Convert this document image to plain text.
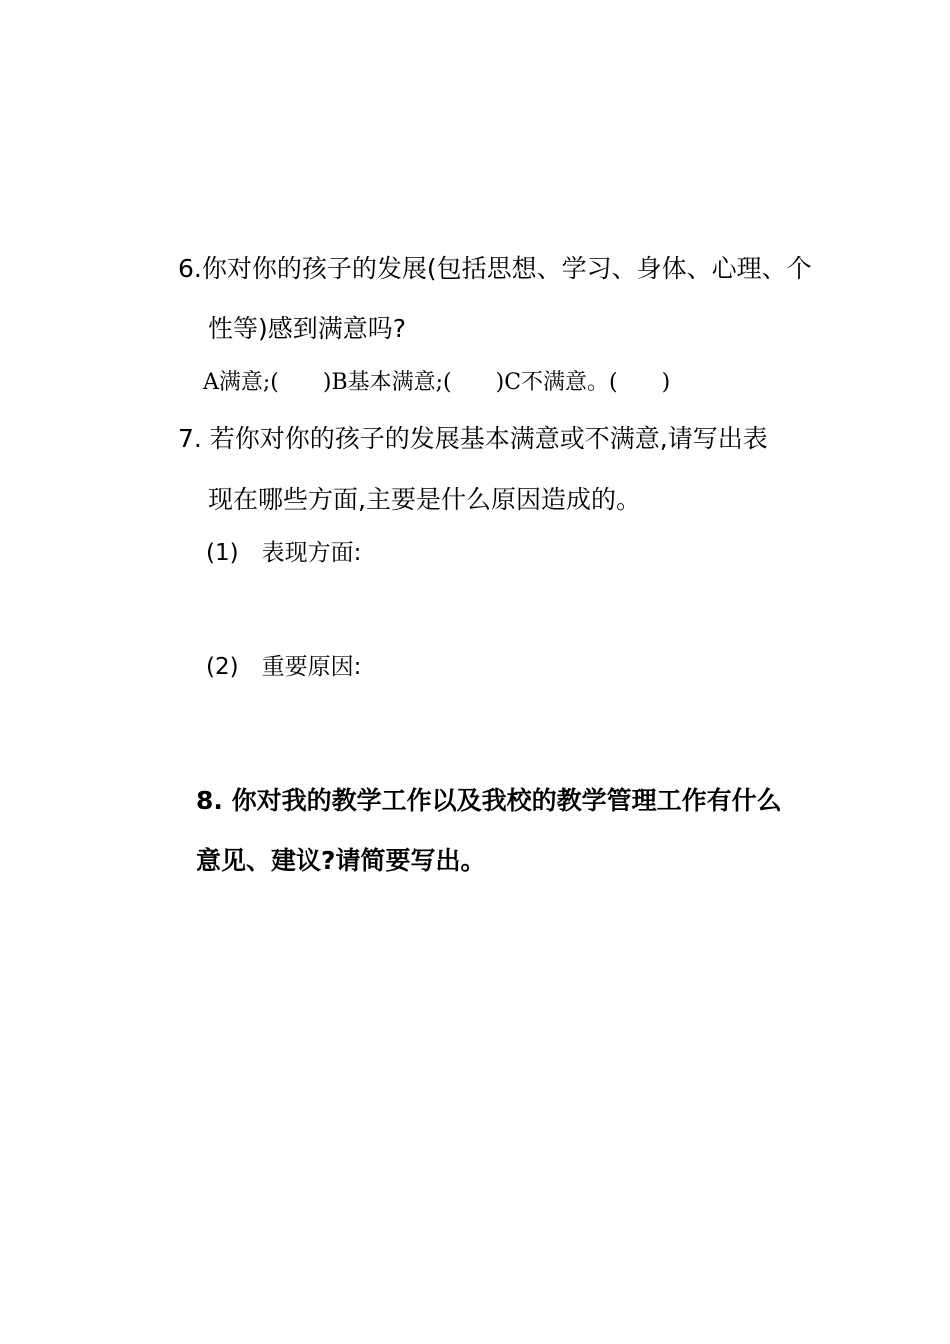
6.你对你的孩子的发展(包括思想、学习、身体、心理、个
性等)感到满意吗?
A满意;(　　)B基本满意;(　　)C不满意。(　　)
7. 若你对你的孩子的发展基本满意或不满意,请写出表
现在哪些方面,主要是什么原因造成的。
(1)　表现方面:
(2)　重要原因:
8. 你对我的教学工作以及我校的教学管理工作有什么
意见、建议?请简要写出。
